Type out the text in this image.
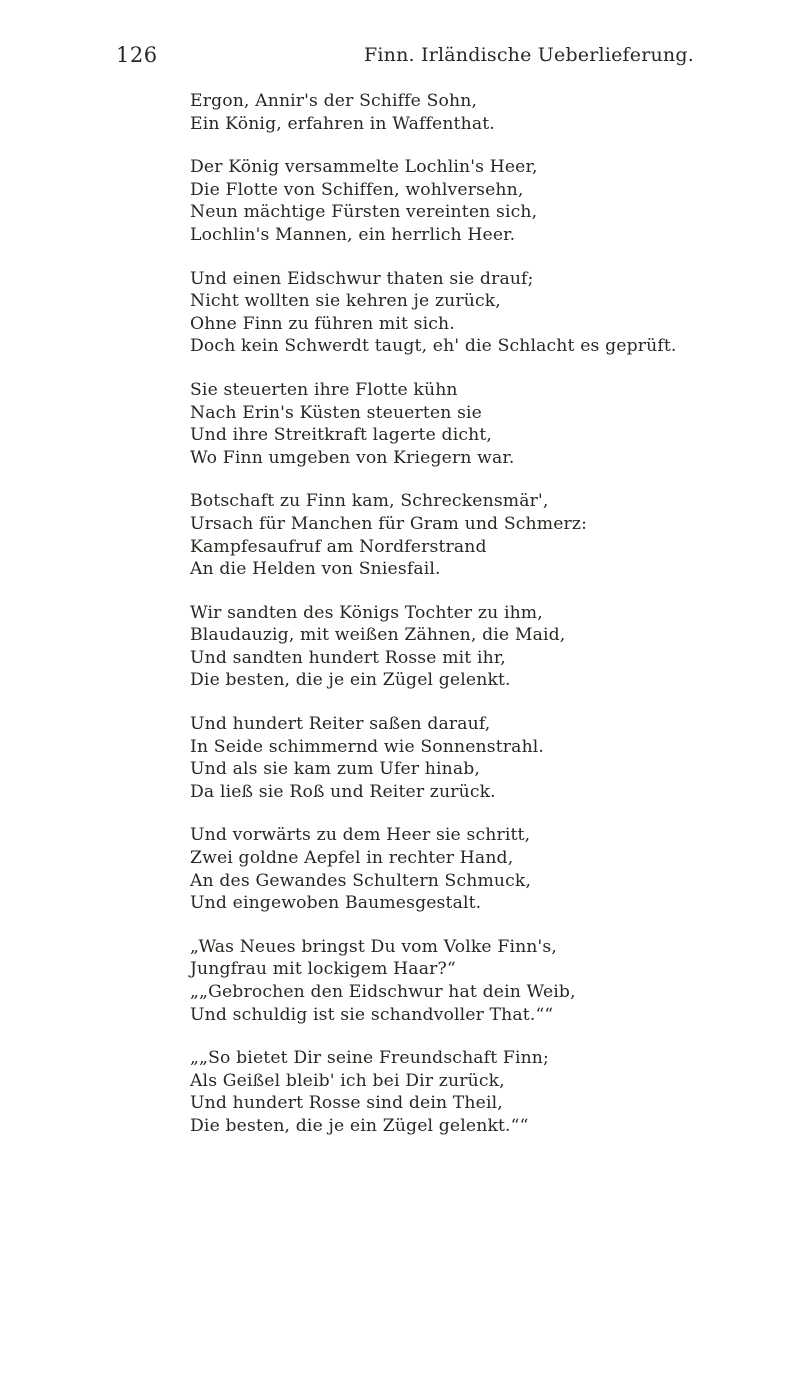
126	Finn. Irländische Ueberlieferung.

Ergon, Annir's der Schiffe Sohn,
Ein König, erfahren in Waffenthat.

Der König versammelte Lochlin's Heer,
Die Flotte von Schiffen, wohlversehn,
Neun mächtige Fürsten vereinten sich,
Lochlin's Mannen, ein herrlich Heer.

Und einen Eidschwur thaten sie drauf;
Nicht wollten sie kehren je zurück,
Ohne Finn zu führen mit sich.
Doch kein Schwerdt taugt, eh' die Schlacht es geprüft.

Sie steuerten ihre Flotte kühn
Nach Erin's Küsten steuerten sie
Und ihre Streitkraft lagerte dicht,
Wo Finn umgeben von Kriegern war.

Botschaft zu Finn kam, Schreckensmär',
Ursach für Manchen für Gram und Schmerz:
Kampfesaufruf am Nordferstrand
An die Helden von Sniesfail.

Wir sandten des Königs Tochter zu ihm,
Blaudauzig, mit weißen Zähnen, die Maid,
Und sandten hundert Rosse mit ihr,
Die besten, die je ein Zügel gelenkt.

Und hundert Reiter saßen darauf,
In Seide schimmernd wie Sonnenstrahl.
Und als sie kam zum Ufer hinab,
Da ließ sie Roß und Reiter zurück.

Und vorwärts zu dem Heer sie schritt,
Zwei goldne Aepfel in rechter Hand,
An des Gewandes Schultern Schmuck,
Und eingewoben Baumesgestalt.

„Was Neues bringst Du vom Volke Finn's,
Jungfrau mit lockigem Haar?“
„„Gebrochen den Eidschwur hat dein Weib,
Und schuldig ist sie schandvoller That.““

„„So bietet Dir seine Freundschaft Finn;
Als Geißel bleib' ich bei Dir zurück,
Und hundert Rosse sind dein Theil,
Die besten, die je ein Zügel gelenkt.““
